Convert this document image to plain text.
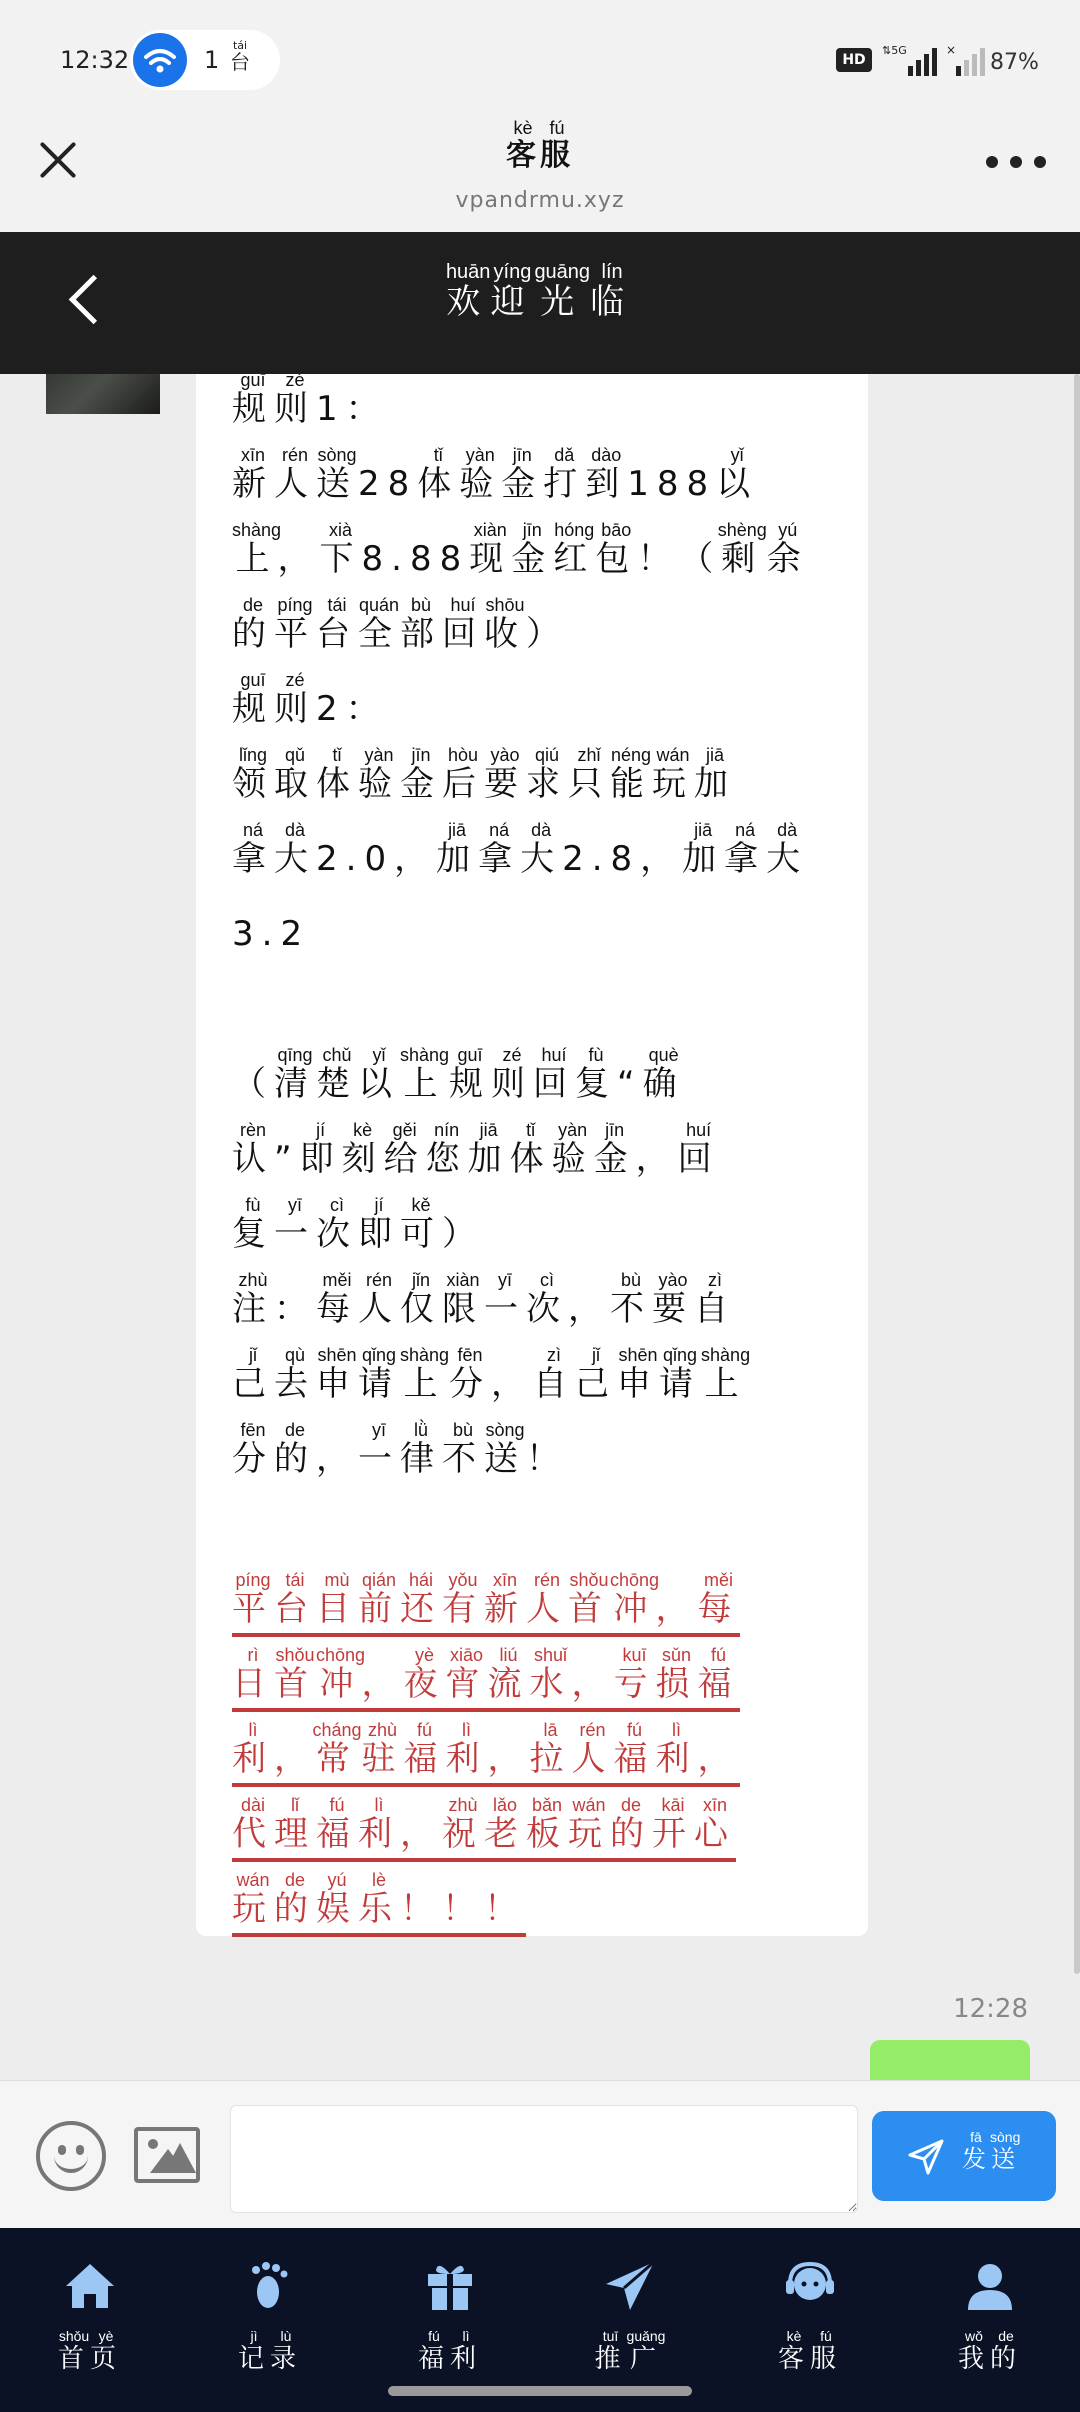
12:32	1
tái
台	HD
⇅5G	× 87%
客kè服fú
vpandrmu.xyz
欢huān迎yíng光guāng临lín
规guī则zé1：
新xīn人rén送sòng28体tǐ验yàn金jīn打dǎ到dào188以yǐ
上shàng，下xià8.88现xiàn金jīn红hóng包bāo！（剩shèng余yú
的de平píng台tái全quán部bù回huí收shōu）
规guī则zé2：
领lǐng取qǔ体tǐ验yàn金jīn后hòu要yào求qiú只zhǐ能néng玩wán加jiā
拿ná大dà2.0，加jiā拿ná大dà2.8，加jiā拿ná大dà
3.2
（清qīng楚chǔ以yǐ上shàng规guī则zé回huí复fù“确què
认rèn”即jí刻kè给gěi您nín加jiā体tǐ验yàn金jīn，回huí
复fù一yī次cì即jí可kě）
注zhù：每měi人rén仅jǐn限xiàn一yī次cì，不bù要yào自zì
己jǐ去qù申shēn请qǐng上shàng分fēn，自zì己jǐ申shēn请qǐng上shàng
分fēn的de，一yī律lǜ不bù送sòng！
平píng台tái目mù前qián还hái有yǒu新xīn人rén首shǒu冲chōng，每měi
日rì首shǒu冲chōng，夜yè宵xiāo流liú水shuǐ，亏kuī损sǔn福fú
利lì，常cháng驻zhù福fú利lì，拉lā人rén福fú利lì，
代dài理lǐ福fú利lì，祝zhù老lǎo板bǎn玩wán的de开kāi心xīn
玩wán的de娱yú乐lè！！！
12:28
发fā送sòng
首shǒu页yè
记jì录lù
福fú利lì
推tuī广guǎng
客kè服fú
我wǒ的de
